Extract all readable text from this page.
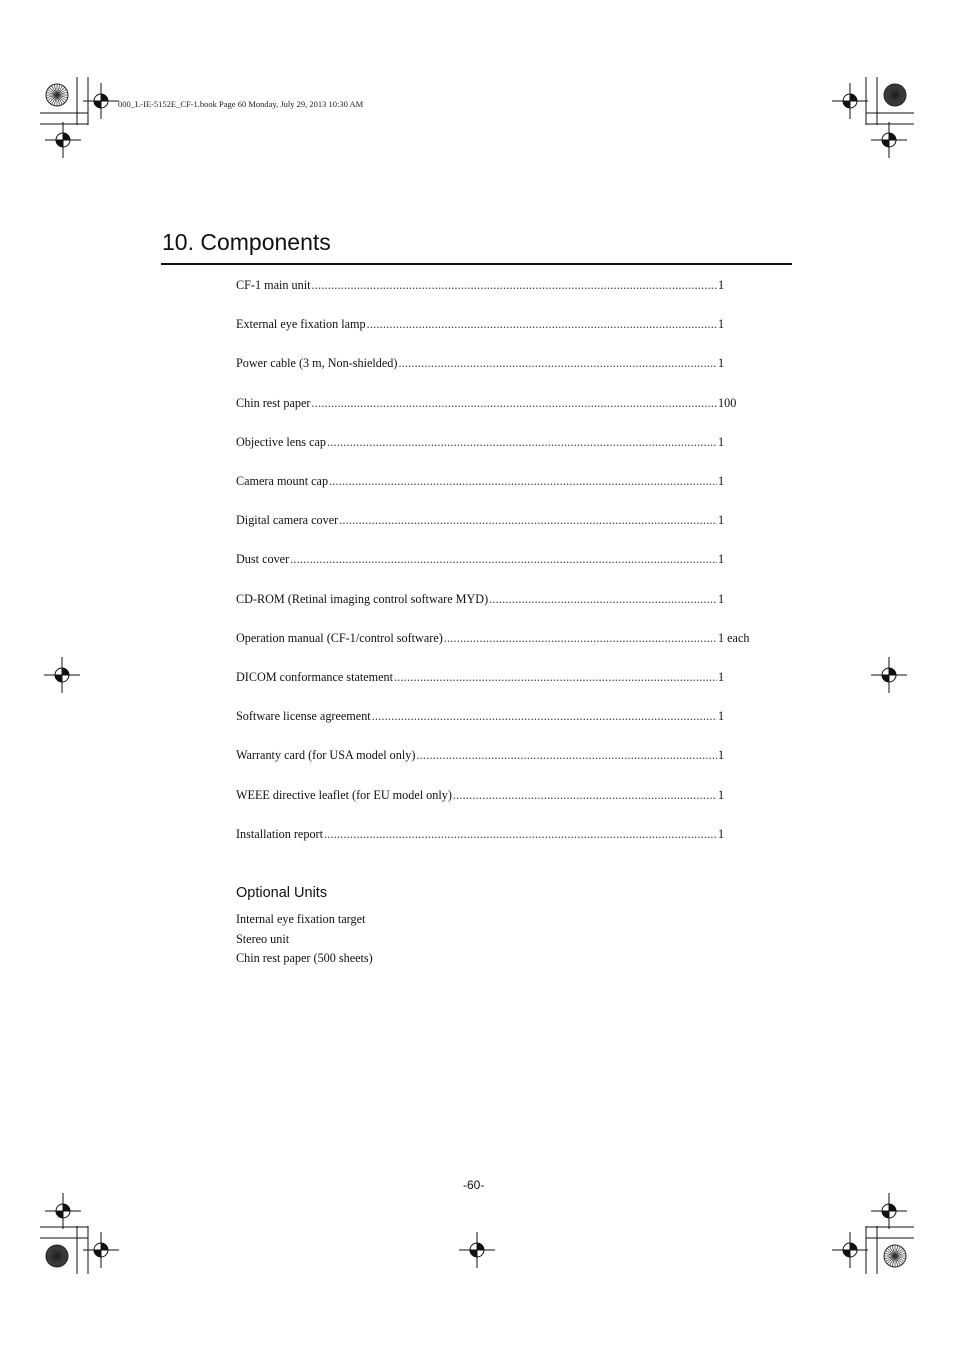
000_L-IE-5152E_CF-1.book Page 60 Monday, July 29, 2013 10:30 AM
10. Components
CF-1 main unit .....	1
External eye fixation lamp .....	1
Power cable (3 m, Non-shielded) .....	1
Chin rest paper .....	100
Objective lens cap .....	1
Camera mount cap .....	1
Digital camera cover .....	1
Dust cover .....	1
CD-ROM (Retinal imaging control software MYD) .....	1
Operation manual (CF-1/control software) .....	1 each
DICOM conformance statement .....	1
Software license agreement .....	1
Warranty card (for USA model only) .....	1
WEEE directive leaflet (for EU model only) .....	1
Installation report .....	1
Optional Units
Internal eye fixation target
Stereo unit
Chin rest paper (500 sheets)
-60-
